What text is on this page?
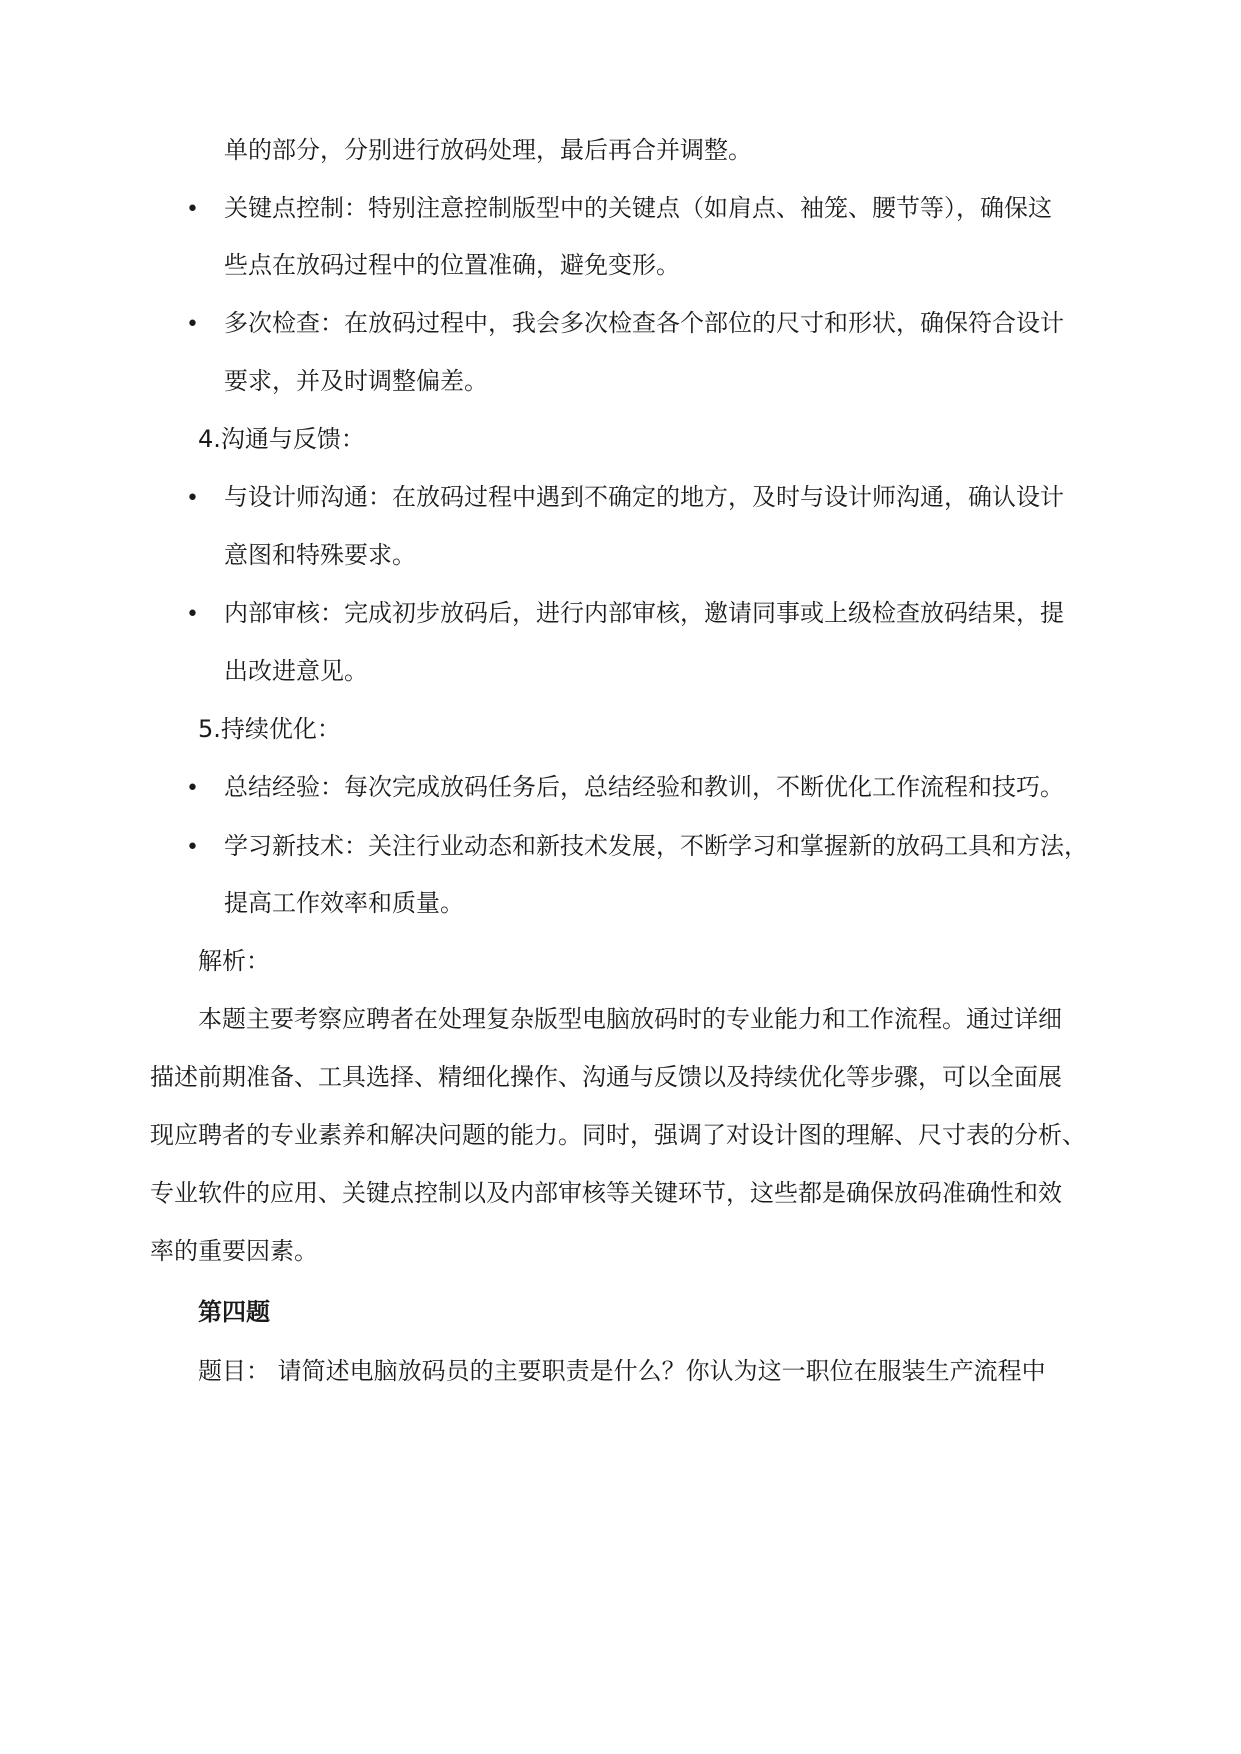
单的部分，分别进行放码处理，最后再合并调整。
• 关键点控制：特别注意控制版型中的关键点（如肩点、袖笼、腰节等），确保这
些点在放码过程中的位置准确，避免变形。
• 多次检查：在放码过程中，我会多次检查各个部位的尺寸和形状，确保符合设计
要求，并及时调整偏差。
4.沟通与反馈：
• 与设计师沟通：在放码过程中遇到不确定的地方，及时与设计师沟通，确认设计
意图和特殊要求。
• 内部审核：完成初步放码后，进行内部审核，邀请同事或上级检查放码结果，提
出改进意见。
5.持续优化：
• 总结经验：每次完成放码任务后，总结经验和教训，不断优化工作流程和技巧。
• 学习新技术：关注行业动态和新技术发展，不断学习和掌握新的放码工具和方法，
提高工作效率和质量。
解析：
本题主要考察应聘者在处理复杂版型电脑放码时的专业能力和工作流程。通过详细
描述前期准备、工具选择、精细化操作、沟通与反馈以及持续优化等步骤，可以全面展
现应聘者的专业素养和解决问题的能力。同时，强调了对设计图的理解、尺寸表的分析、
专业软件的应用、关键点控制以及内部审核等关键环节，这些都是确保放码准确性和效
率的重要因素。
第四题
题目： 请简述电脑放码员的主要职责是什么？你认为这一职位在服装生产流程中
